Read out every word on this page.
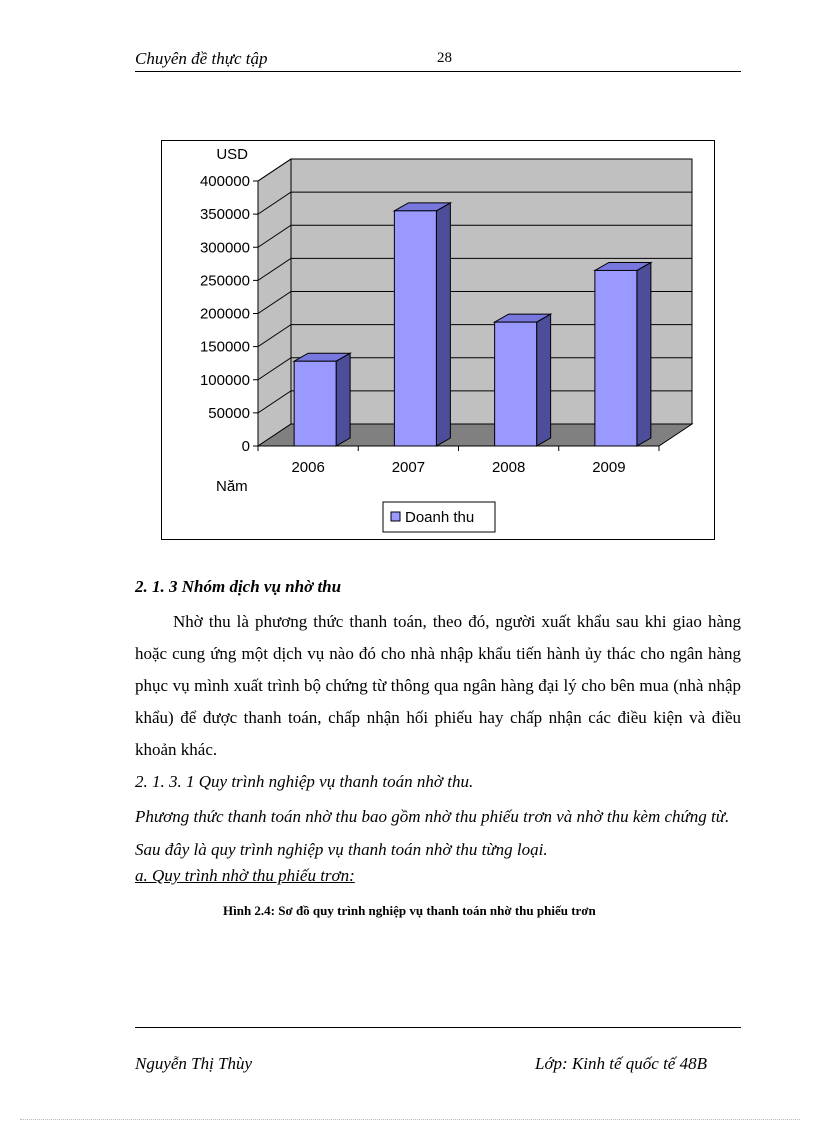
Chuyên đề thực tập	28
0
50000
100000
150000
200000
250000
300000
350000
400000
USD
2006	2007	2008	2009
Năm
Doanh thu
2. 1. 3 Nhóm dịch vụ nhờ thu

Nhờ thu là phương thức thanh toán, theo đó, người xuất khẩu sau khi giao hàng hoặc cung ứng một dịch vụ nào đó cho nhà nhập khẩu tiến hành ủy thác cho ngân hàng phục vụ mình xuất trình bộ chứng từ thông qua ngân hàng đại lý cho bên mua (nhà nhập khẩu) để được thanh toán, chấp nhận hối phiếu hay chấp nhận các điều kiện và điều khoản khác.

2. 1. 3. 1 Quy trình nghiệp vụ thanh toán nhờ thu.

Phương thức thanh toán nhờ thu bao gồm nhờ thu phiếu trơn và nhờ thu kèm chứng từ. Sau đây là quy trình nghiệp vụ thanh toán nhờ thu từng loại.

a. Quy trình nhờ thu phiếu trơn:
Hình 2.4: Sơ đồ quy trình nghiệp vụ thanh toán nhờ thu phiếu trơn
Nguyễn Thị Thùy	Lớp: Kinh tế quốc tế 48B
